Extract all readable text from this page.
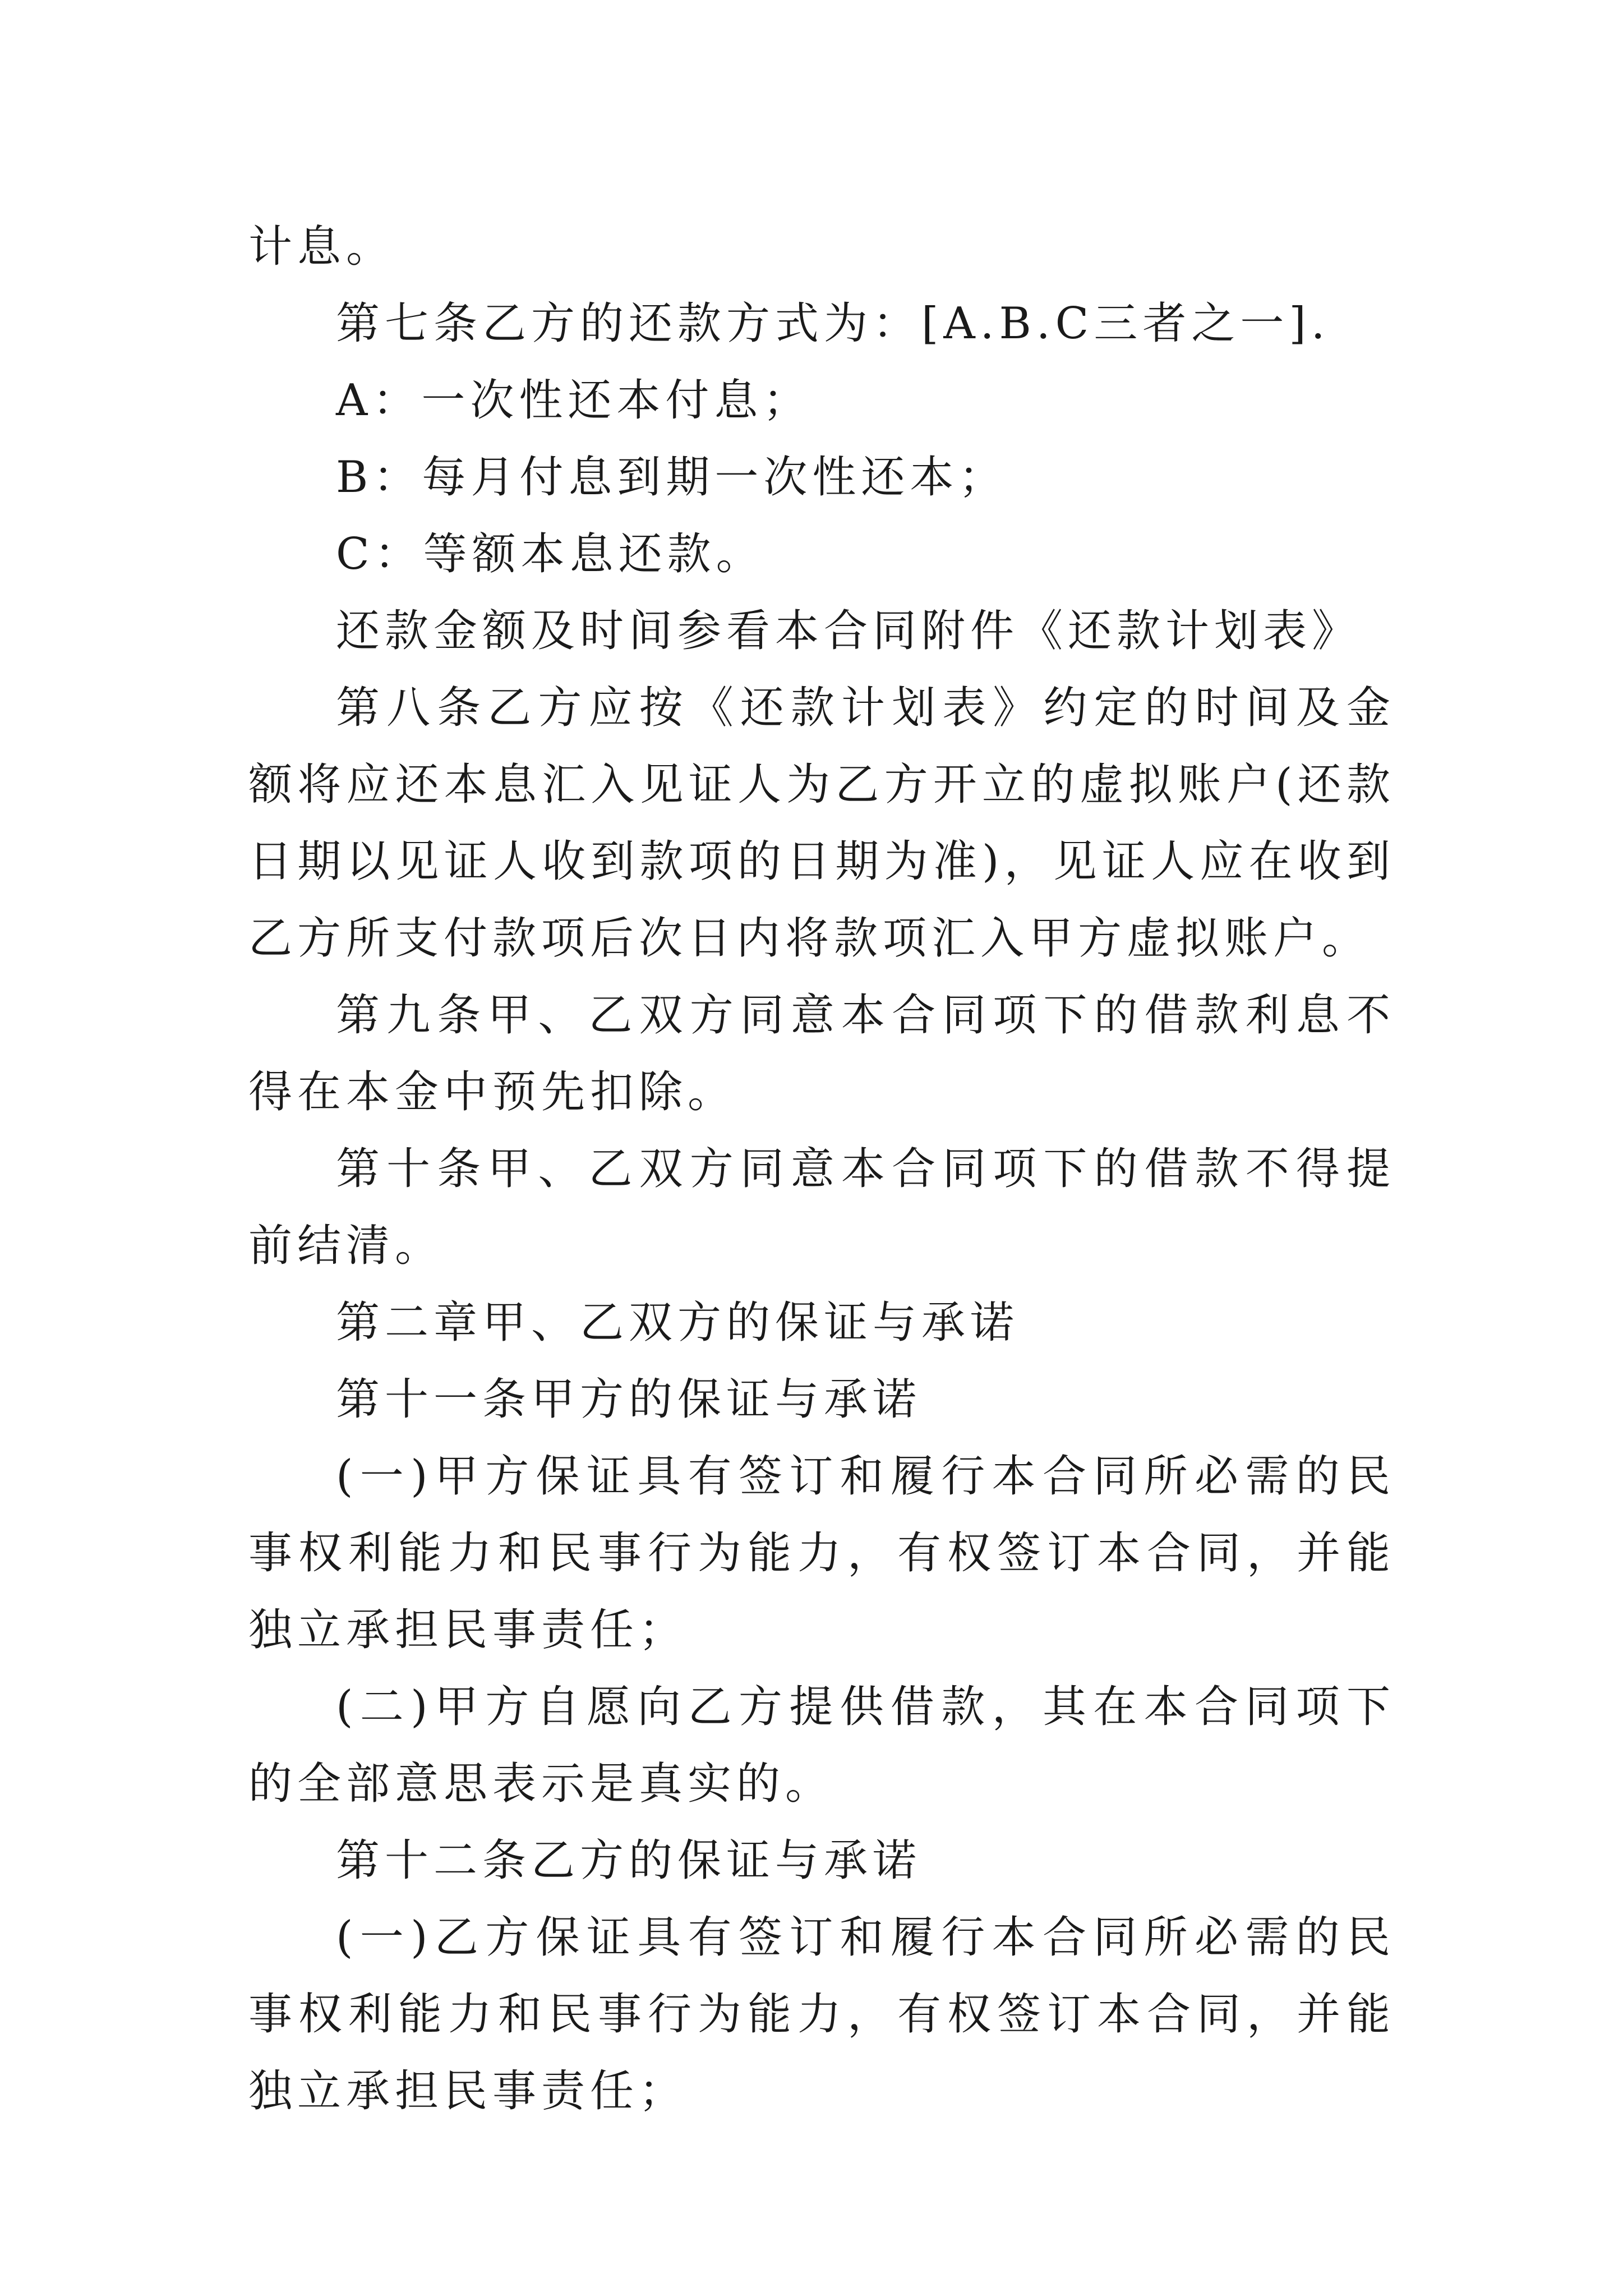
计息。

第七条乙方的还款方式为：[A.B.C三者之一].

A：一次性还本付息；

B：每月付息到期一次性还本；

C：等额本息还款。

还款金额及时间参看本合同附件《还款计划表》

第八条乙方应按《还款计划表》约定的时间及金额将应还本息汇入见证人为乙方开立的虚拟账户(还款日期以见证人收到款项的日期为准)，见证人应在收到乙方所支付款项后次日内将款项汇入甲方虚拟账户。

第九条甲、乙双方同意本合同项下的借款利息不得在本金中预先扣除。

第十条甲、乙双方同意本合同项下的借款不得提前结清。

第二章甲、乙双方的保证与承诺

第十一条甲方的保证与承诺

(一)甲方保证具有签订和履行本合同所必需的民事权利能力和民事行为能力，有权签订本合同，并能独立承担民事责任；

(二)甲方自愿向乙方提供借款，其在本合同项下的全部意思表示是真实的。

第十二条乙方的保证与承诺

(一)乙方保证具有签订和履行本合同所必需的民事权利能力和民事行为能力，有权签订本合同，并能独立承担民事责任；
